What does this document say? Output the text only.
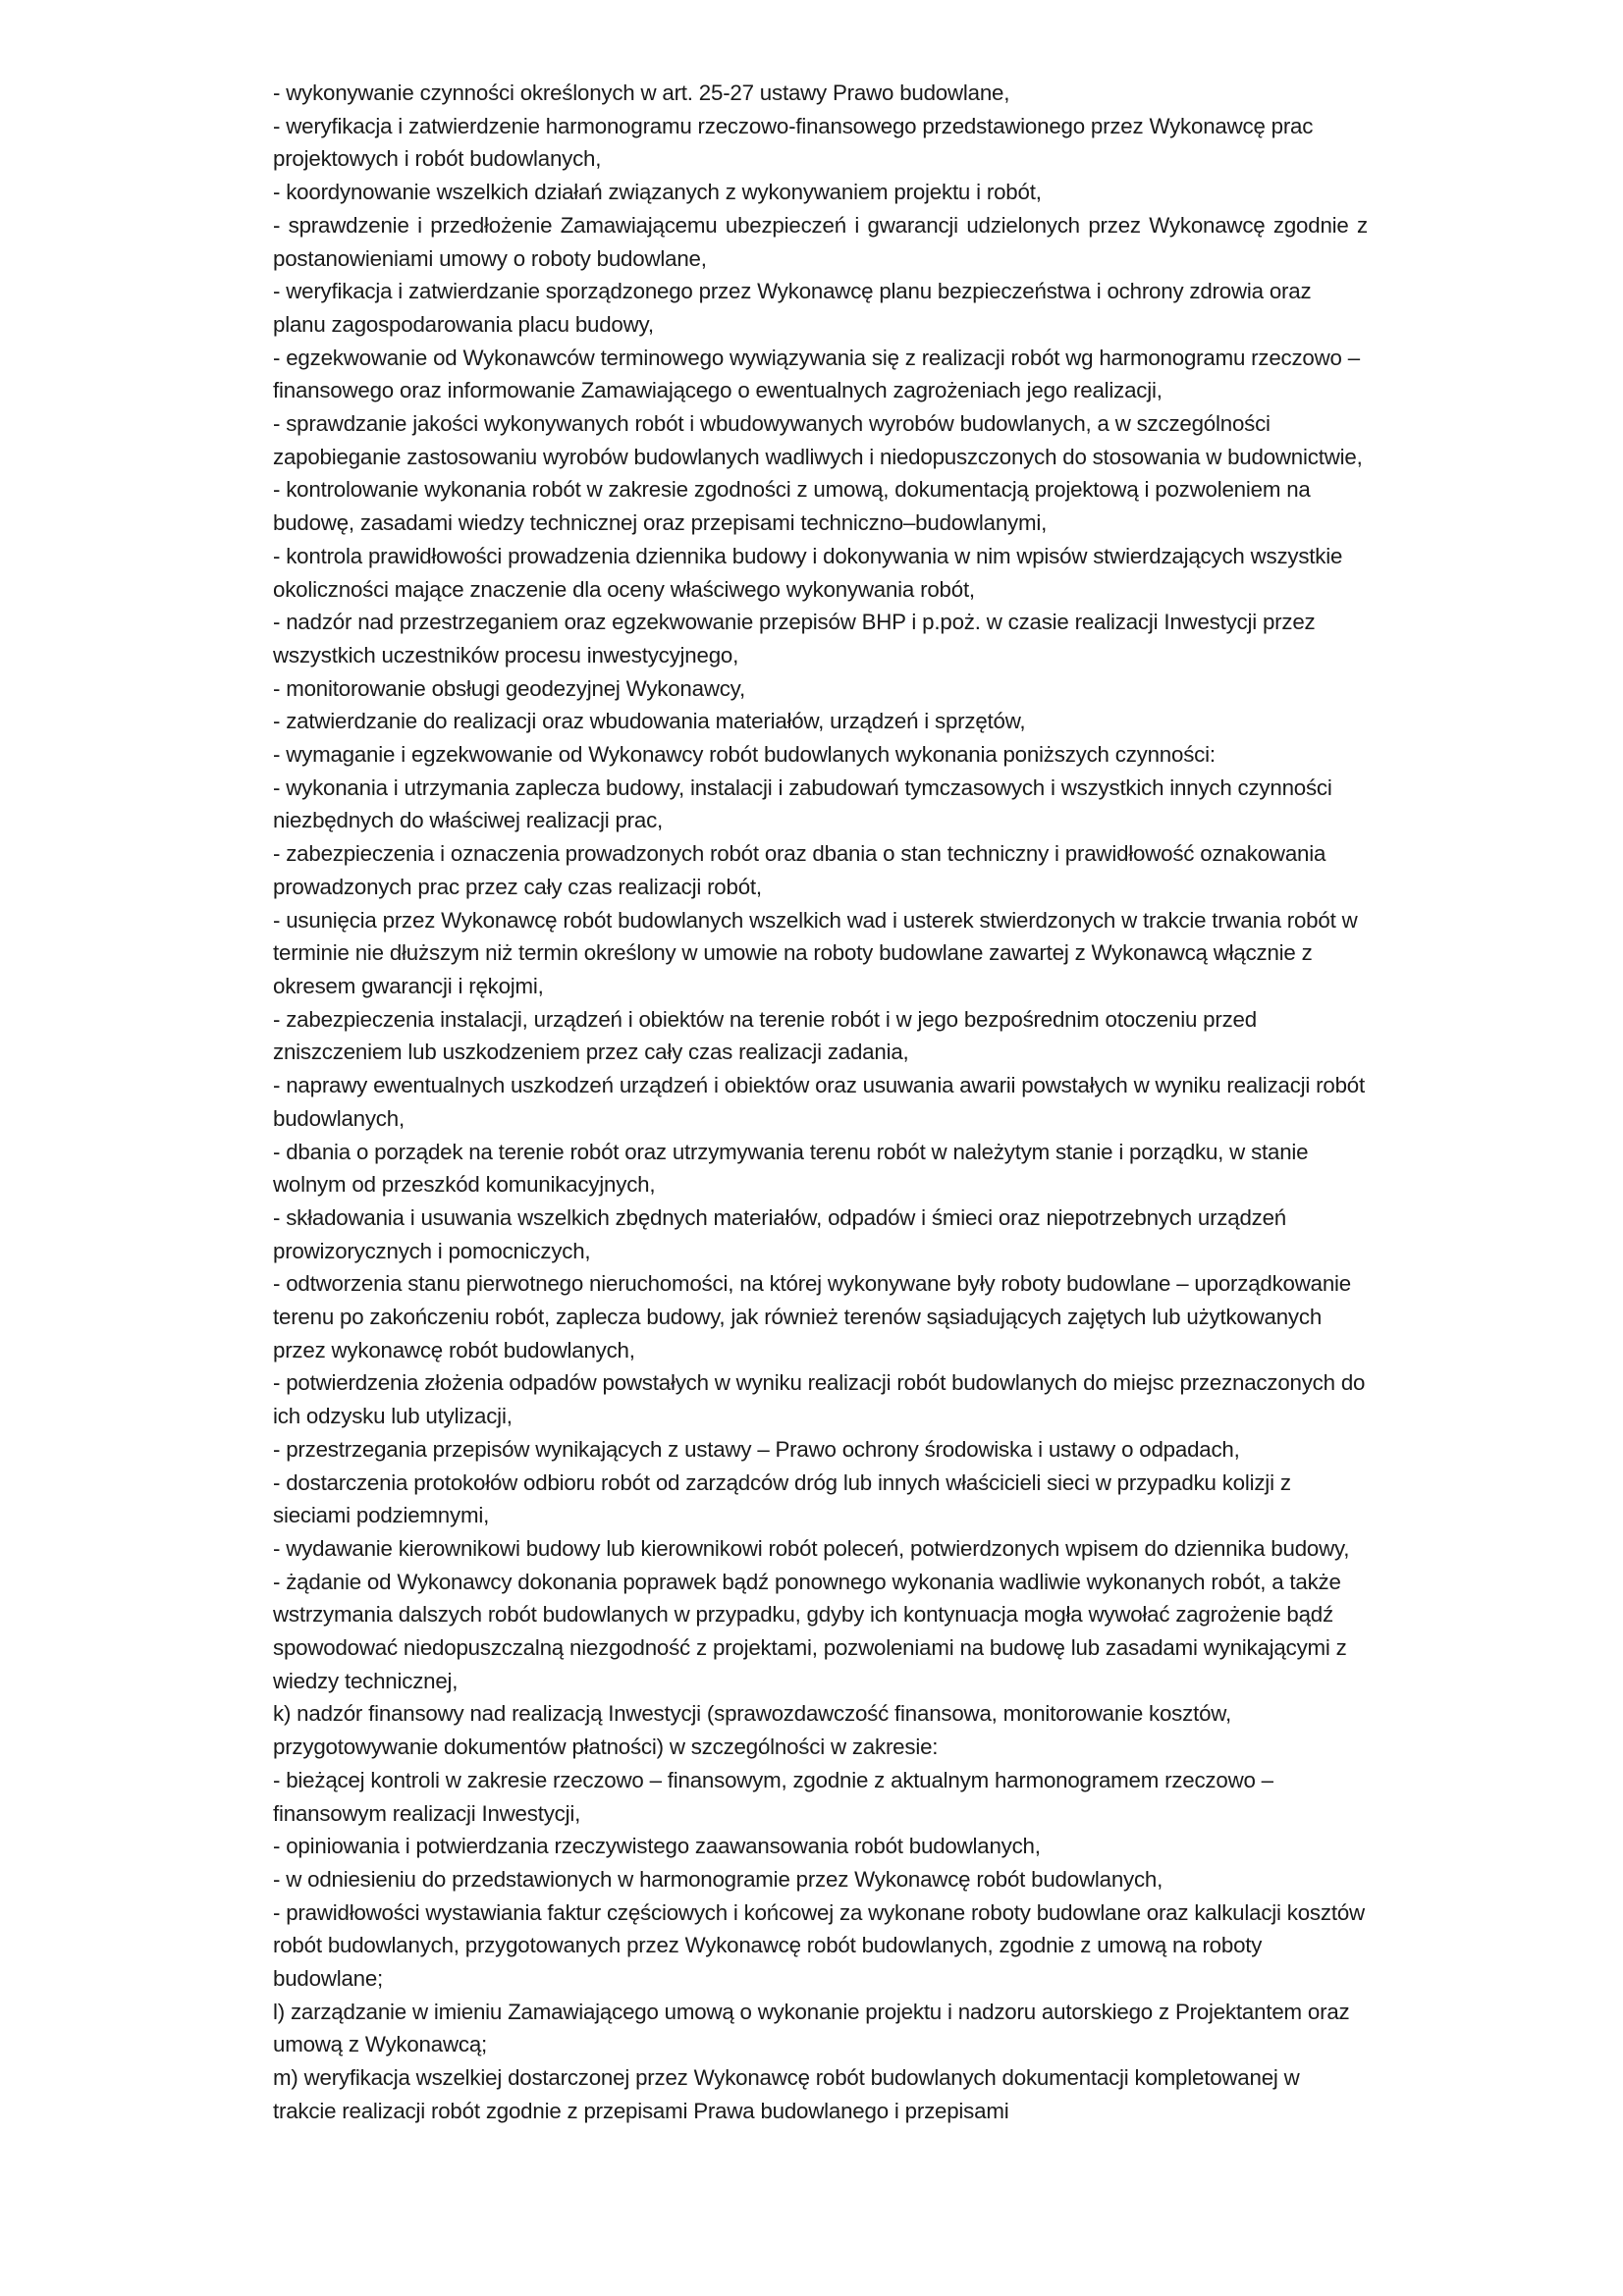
- wykonywanie czynności określonych w art. 25-27 ustawy Prawo budowlane,

- weryfikacja i zatwierdzenie harmonogramu rzeczowo-finansowego przedstawionego przez Wykonawcę prac projektowych i robót budowlanych,

- koordynowanie wszelkich działań związanych z wykonywaniem projektu i robót,

- sprawdzenie i przedłożenie Zamawiającemu ubezpieczeń i gwarancji udzielonych przez Wykonawcę zgodnie z postanowieniami umowy o roboty budowlane,

- weryfikacja i zatwierdzanie sporządzonego przez Wykonawcę planu bezpieczeństwa i ochrony zdrowia oraz planu zagospodarowania placu budowy,

- egzekwowanie od Wykonawców terminowego wywiązywania się z realizacji robót wg harmonogramu rzeczowo – finansowego oraz informowanie Zamawiającego o ewentualnych zagrożeniach jego realizacji,

- sprawdzanie jakości wykonywanych robót i wbudowywanych wyrobów budowlanych, a w szczególności zapobieganie zastosowaniu wyrobów budowlanych wadliwych i niedopuszczonych do stosowania w budownictwie,

- kontrolowanie wykonania robót w zakresie zgodności z umową, dokumentacją projektową i pozwoleniem na budowę, zasadami wiedzy technicznej oraz przepisami techniczno–budowlanymi,

- kontrola prawidłowości prowadzenia dziennika budowy i dokonywania w nim wpisów stwierdzających wszystkie okoliczności mające znaczenie dla oceny właściwego wykonywania robót,

- nadzór nad przestrzeganiem oraz egzekwowanie przepisów BHP i p.poż. w czasie realizacji Inwestycji przez wszystkich uczestników procesu inwestycyjnego,

- monitorowanie obsługi geodezyjnej Wykonawcy,

- zatwierdzanie do realizacji oraz wbudowania materiałów, urządzeń i sprzętów,

- wymaganie i egzekwowanie od Wykonawcy robót budowlanych wykonania poniższych czynności:

- wykonania i utrzymania zaplecza budowy, instalacji i zabudowań tymczasowych i wszystkich innych czynności niezbędnych do właściwej realizacji prac,

- zabezpieczenia i oznaczenia prowadzonych robót oraz dbania o stan techniczny i prawidłowość oznakowania prowadzonych prac przez cały czas realizacji robót,

- usunięcia przez Wykonawcę robót budowlanych wszelkich wad i usterek stwierdzonych w trakcie trwania robót w terminie nie dłuższym niż termin określony w umowie na roboty budowlane zawartej z Wykonawcą włącznie z okresem gwarancji i rękojmi,

- zabezpieczenia instalacji, urządzeń i obiektów na terenie robót i w jego bezpośrednim otoczeniu przed zniszczeniem lub uszkodzeniem przez cały czas realizacji zadania,

- naprawy ewentualnych uszkodzeń urządzeń i obiektów oraz usuwania awarii powstałych w wyniku realizacji robót budowlanych,

- dbania o porządek na terenie robót oraz utrzymywania terenu robót w należytym stanie i porządku, w stanie wolnym od przeszkód komunikacyjnych,

- składowania i usuwania wszelkich zbędnych materiałów, odpadów i śmieci oraz niepotrzebnych urządzeń prowizorycznych i pomocniczych,

- odtworzenia stanu pierwotnego nieruchomości, na której wykonywane były roboty budowlane – uporządkowanie terenu po zakończeniu robót, zaplecza budowy, jak również terenów sąsiadujących zajętych lub użytkowanych przez wykonawcę robót budowlanych,

- potwierdzenia złożenia odpadów powstałych w wyniku realizacji robót budowlanych do miejsc przeznaczonych do ich odzysku lub utylizacji,

- przestrzegania przepisów wynikających z ustawy – Prawo ochrony środowiska i ustawy o odpadach,

- dostarczenia protokołów odbioru robót od zarządców dróg lub innych właścicieli sieci w przypadku kolizji z sieciami podziemnymi,

- wydawanie kierownikowi budowy lub kierownikowi robót poleceń, potwierdzonych wpisem do dziennika budowy,

- żądanie od Wykonawcy dokonania poprawek bądź ponownego wykonania wadliwie wykonanych robót, a także wstrzymania dalszych robót budowlanych w przypadku, gdyby ich kontynuacja mogła wywołać zagrożenie bądź spowodować niedopuszczalną niezgodność z projektami, pozwoleniami na budowę lub zasadami wynikającymi z wiedzy technicznej,

k) nadzór finansowy nad realizacją Inwestycji (sprawozdawczość finansowa, monitorowanie kosztów, przygotowywanie dokumentów płatności) w szczególności w zakresie:

- bieżącej kontroli w zakresie rzeczowo – finansowym, zgodnie z aktualnym harmonogramem rzeczowo – finansowym realizacji Inwestycji,

- opiniowania i potwierdzania rzeczywistego zaawansowania robót budowlanych,

- w odniesieniu do przedstawionych w harmonogramie przez Wykonawcę robót budowlanych,

- prawidłowości wystawiania faktur częściowych i końcowej za wykonane roboty budowlane oraz kalkulacji kosztów robót budowlanych, przygotowanych przez Wykonawcę robót budowlanych, zgodnie z umową na roboty budowlane;

l) zarządzanie w imieniu Zamawiającego umową o wykonanie projektu i nadzoru autorskiego z Projektantem oraz umową z Wykonawcą;

m) weryfikacja wszelkiej dostarczonej przez Wykonawcę robót budowlanych dokumentacji kompletowanej w trakcie realizacji robót zgodnie z przepisami Prawa budowlanego i przepisami
